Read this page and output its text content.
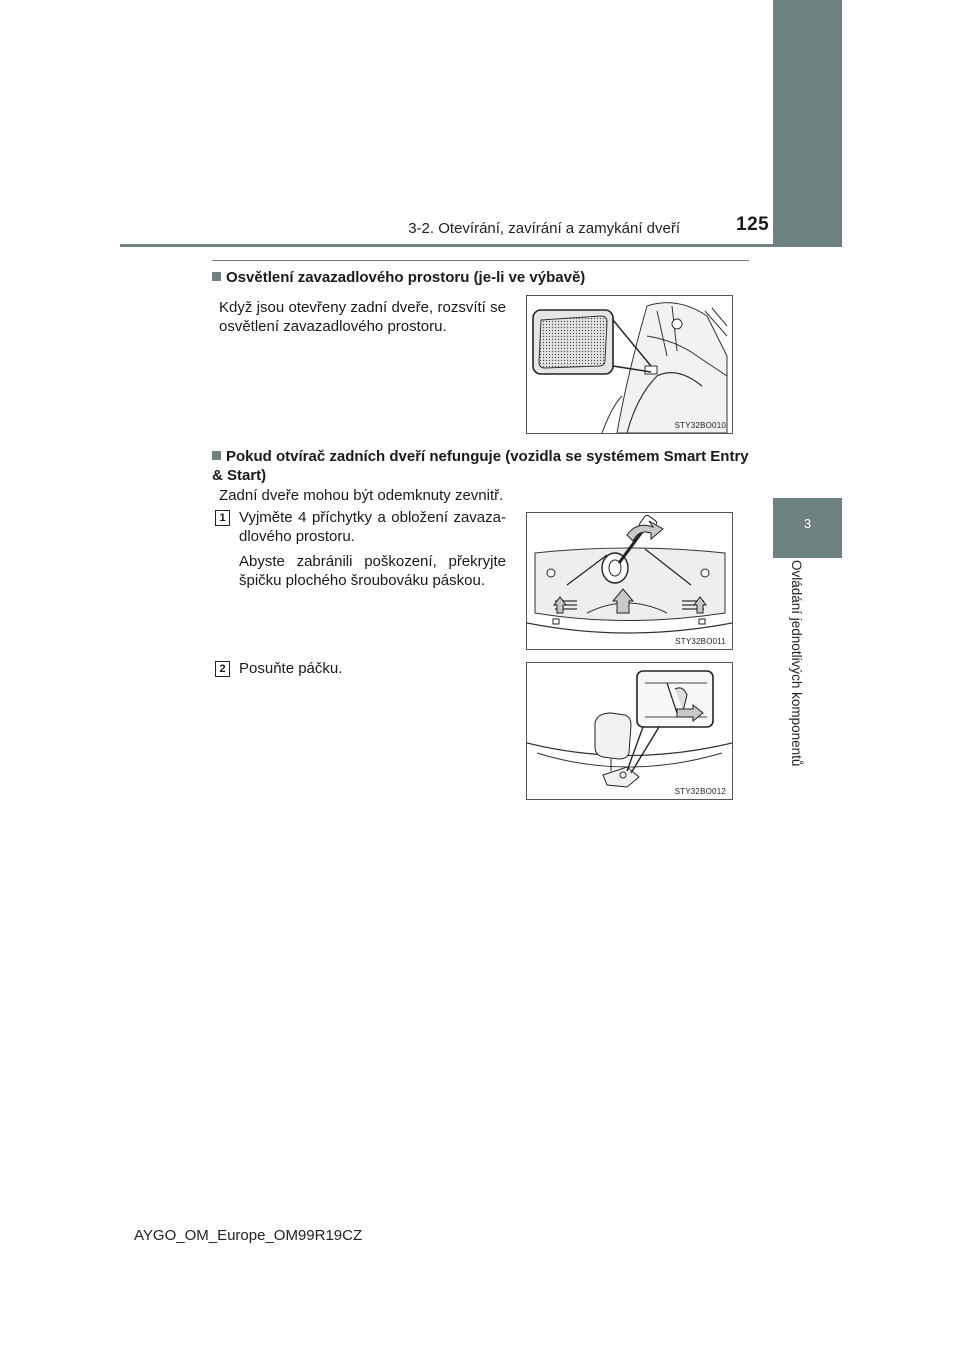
3-2. Otevírání, zavírání a zamykání dveří	125
3
Ovládání jednotlivých komponentů
Osvětlení zavazadlového prostoru (je-li ve výbavě)
Když jsou otevřeny zadní dveře, rozsvítí se osvětlení zavazadlového prostoru.
STY32BO010
Pokud otvírač zadních dveří nefunguje (vozidla se systémem Smart Entry & Start)
Zadní dveře mohou být odemknuty zevnitř.
1 Vyjměte 4 příchytky a obložení zavaza-dlového prostoru.
Abyste zabránili poškození, překryjte špičku plochého šroubováku páskou.
STY32BO011
2 Posuňte páčku.
STY32BO012
AYGO_OM_Europe_OM99R19CZ
